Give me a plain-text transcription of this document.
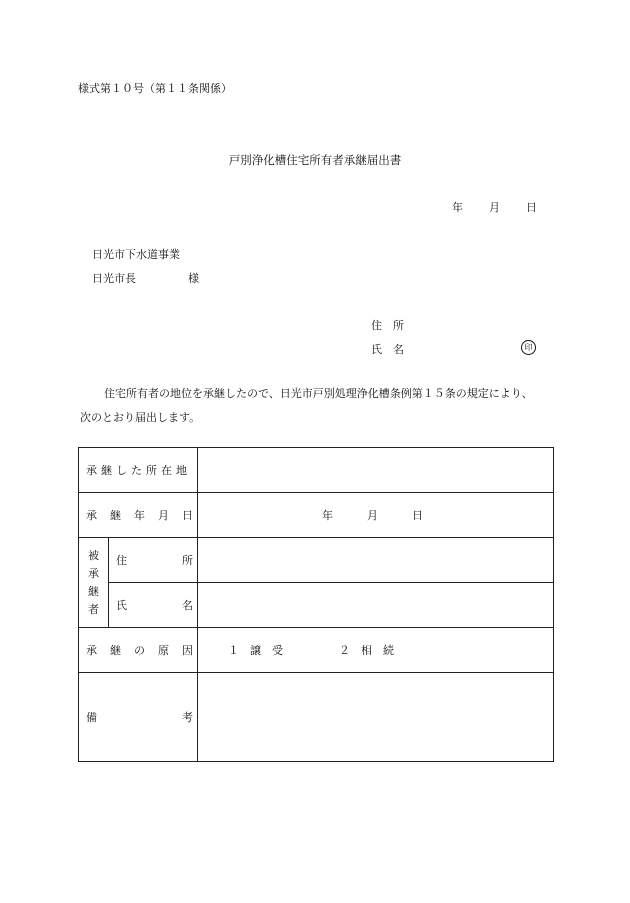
様式第１０号（第１１条関係）
戸別浄化槽住宅所有者承継届出書
年 月 日
日光市下水道事業
日光市長	様
住　所
氏　名	印
住宅所有者の地位を承継したので、日光市戸別処理浄化槽条例第１５条の規定により、
次のとおり届出します。
承継した所在地		

承 継 年 月 日		年 月 日

被
承
継
者	住 所	

	氏 名	

承 継 の 原 因		１　譲　受 ２　相　続

備 考		
